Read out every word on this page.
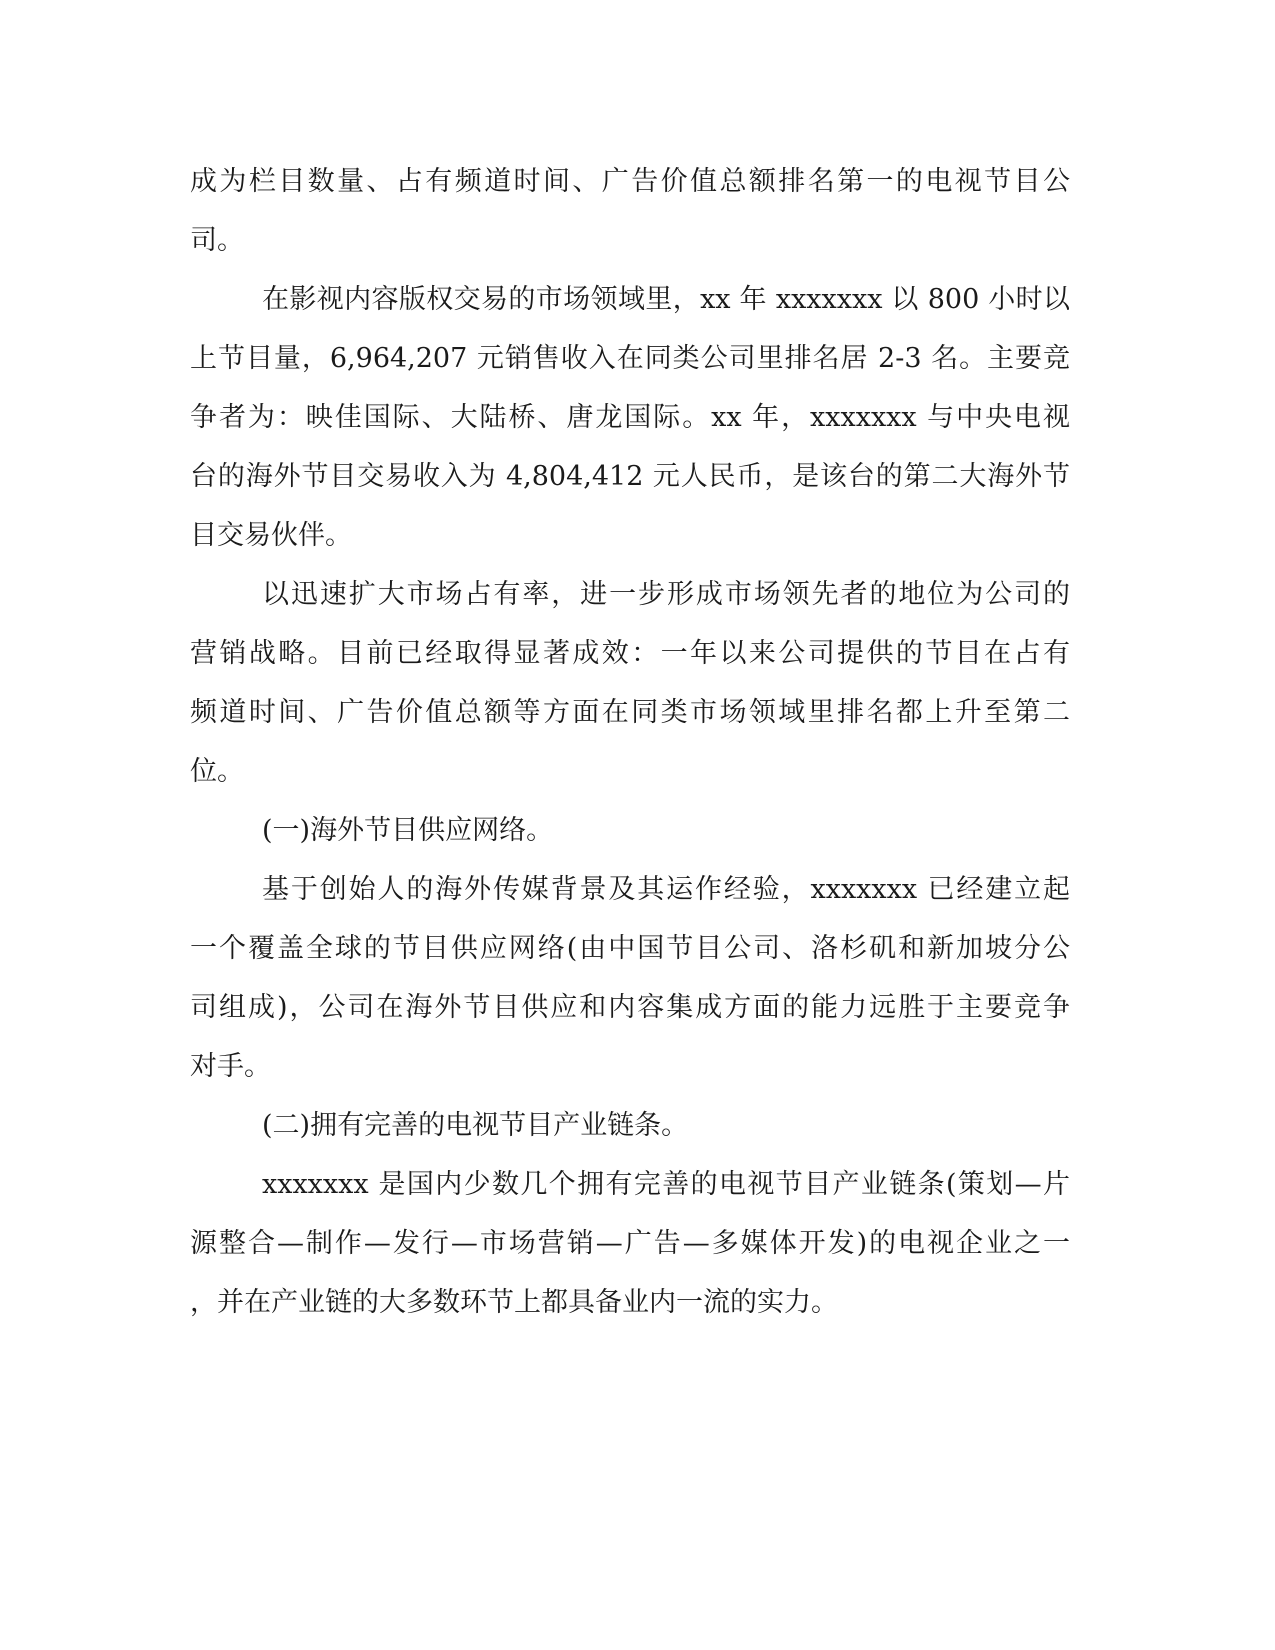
成为栏目数量、占有频道时间、广告价值总额排名第一的电视节目公
司。
在影视内容版权交易的市场领域里，xx 年 xxxxxxx 以 800 小时以
上节目量，6,964,207 元销售收入在同类公司里排名居 2-3 名。主要竞
争者为：映佳国际、大陆桥、唐龙国际。xx 年，xxxxxxx 与中央电视
台的海外节目交易收入为 4,804,412 元人民币，是该台的第二大海外节
目交易伙伴。
以迅速扩大市场占有率，进一步形成市场领先者的地位为公司的
营销战略。目前已经取得显著成效：一年以来公司提供的节目在占有
频道时间、广告价值总额等方面在同类市场领域里排名都上升至第二
位。
(一)海外节目供应网络。
基于创始人的海外传媒背景及其运作经验，xxxxxxx 已经建立起
一个覆盖全球的节目供应网络(由中国节目公司、洛杉矶和新加坡分公
司组成)，公司在海外节目供应和内容集成方面的能力远胜于主要竞争
对手。
(二)拥有完善的电视节目产业链条。
xxxxxxx 是国内少数几个拥有完善的电视节目产业链条(策划—片
源整合—制作—发行—市场营销—广告—多媒体开发)的电视企业之一
，并在产业链的大多数环节上都具备业内一流的实力。
